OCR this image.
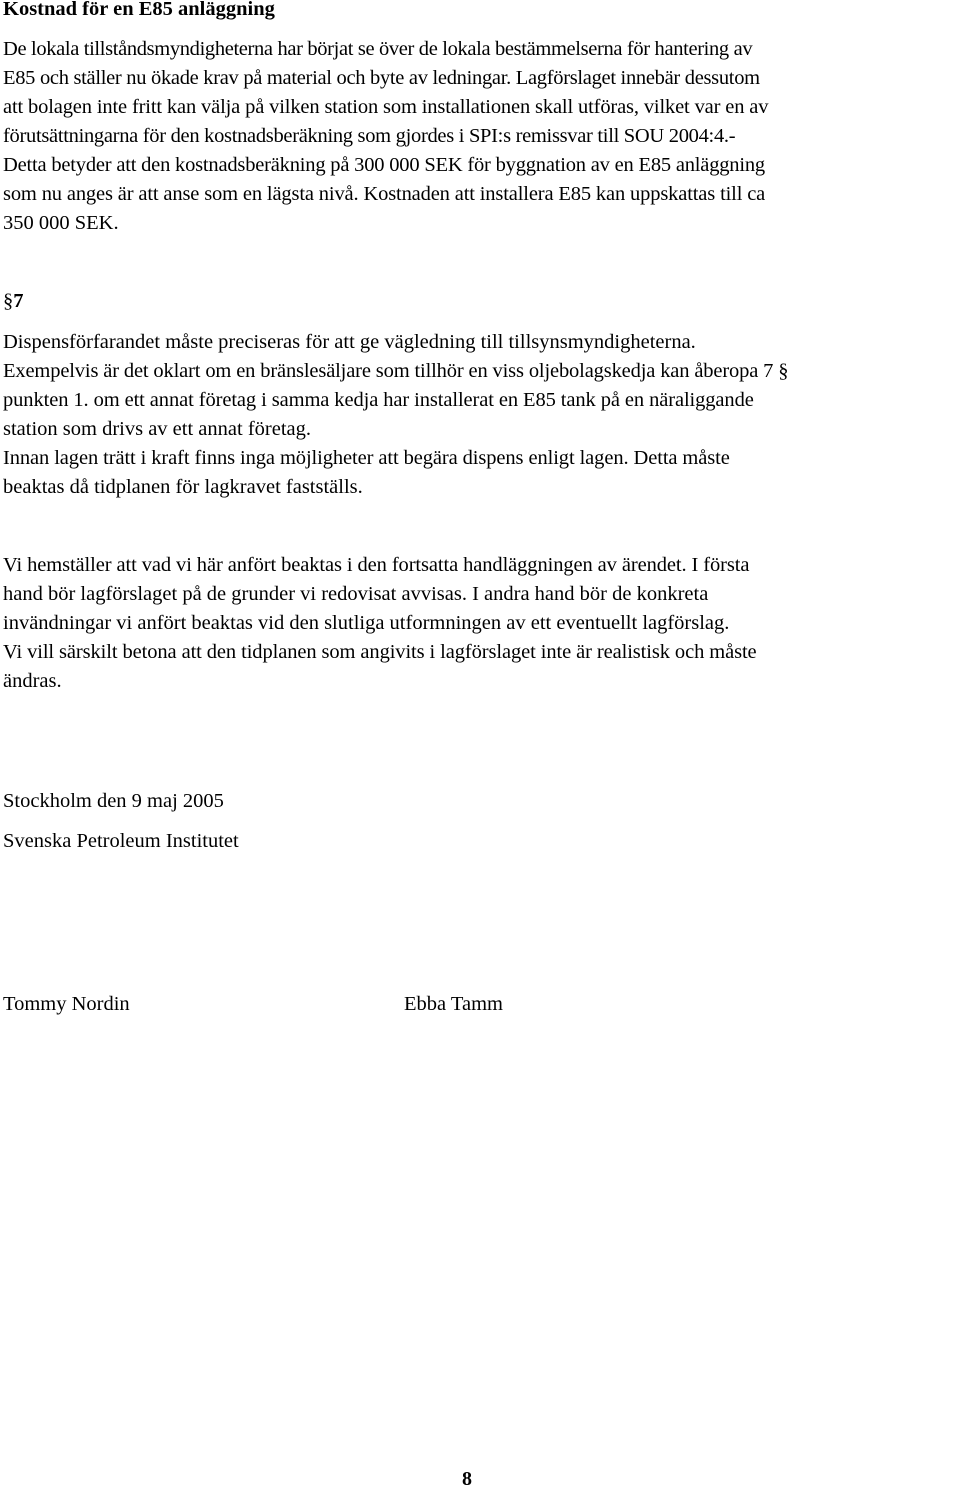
Kostnad för en E85 anläggning
De lokala tillståndsmyndigheterna har börjat se över de lokala bestämmelserna för hantering av
E85 och ställer nu ökade krav på material och byte av ledningar. Lagförslaget innebär dessutom
att bolagen inte fritt kan välja på vilken station som installationen skall utföras, vilket var en av
förutsättningarna för den kostnadsberäkning som gjordes i SPI:s remissvar till SOU 2004:4.-
Detta betyder att den kostnadsberäkning på 300 000 SEK för byggnation av en E85 anläggning
som nu anges är att anse som en lägsta nivå. Kostnaden att installera E85 kan uppskattas till ca
350 000 SEK.
§7
Dispensförfarandet måste preciseras för att ge vägledning till tillsynsmyndigheterna.
Exempelvis är det oklart om en bränslesäljare som tillhör en viss oljebolagskedja kan åberopa 7 §
punkten 1. om ett annat företag i samma kedja har installerat en E85 tank på en näraliggande
station som drivs av ett annat företag.
Innan lagen trätt i kraft finns inga möjligheter att begära dispens enligt lagen. Detta måste
beaktas då tidplanen för lagkravet fastställs.
Vi hemställer att vad vi här anfört beaktas i den fortsatta handläggningen av ärendet. I första
hand bör lagförslaget på de grunder vi redovisat avvisas. I andra hand bör de konkreta
invändningar vi anfört beaktas vid den slutliga utformningen av ett eventuellt lagförslag.
Vi vill särskilt betona att den tidplanen som angivits i lagförslaget inte är realistisk och måste
ändras.
Stockholm den 9 maj 2005
Svenska Petroleum Institutet
Tommy Nordin	Ebba Tamm
8
